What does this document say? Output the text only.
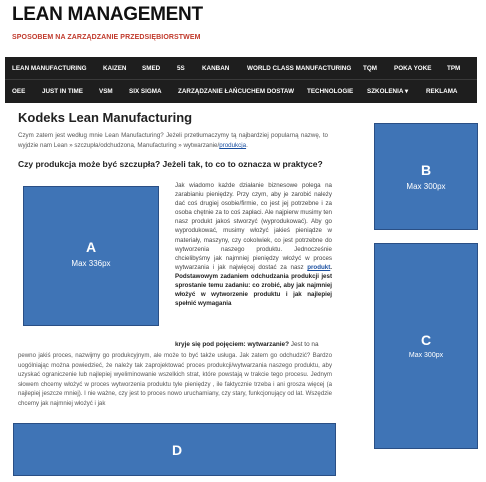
LEAN MANAGEMENT
SPOSOBEM NA ZARZĄDZANIE PRZEDSIĘBIORSTWEM
LEAN MANUFACTURING	KAIZEN SMED	5S	KANBAN	WORLD CLASS MANUFACTURING TQM	POKA YOKE TPM
OEE	JUST IN TIME	VSM	SIX SIGMA	ZARZĄDZANIE ŁAŃCUCHEM DOSTAW TECHNOLOGIE SZKOLENIA ▾	REKLAMA
Kodeks Lean Manufacturing

Czym zatem jest według mnie Lean Manufacturing? Jeżeli przetłumaczymy tą najbardziej popularną nazwę, to wyjdzie nam Lean » szczupła/odchudzona, Manufacturing » wytwarzanie/produkcja.

Czy produkcja może być szczupła? Jeżeli tak, to co to oznacza w praktyce?
A
Max 336px
Jak wiadomo każde działanie biznesowe polega na zarabianiu pieniędzy. Przy czym, aby je zarobić należy dać coś drugiej osobie/firmie, co jest jej potrzebne i za osoba chętnie za to coś zapłaci. Ale najpierw musimy ten nasz produkt jakoś stworzyć (wyprodukować). Aby go wyprodukować, musimy włożyć jakieś pieniądze w materiały, maszyny, czy cokolwiek, co jest potrzebne do wytworzenia naszego produktu. Jednocześnie chcielibyśmy jak najmniej pieniędzy włożyć w proces wytwarzania i jak najwięcej dostać za nasz produkt. Podstawowym zadaniem odchudzania produkcji jest sprostanie temu zadaniu: co zrobić, aby jak najmniej włożyć w wytworzenie produktu i jak najlepiej spełnić wymagania
kryje się pod pojęciem: wytwarzanie? Jest to na

pewno jakiś proces, nazwijmy go produkcyjnym, ale może to być także usługa. Jak zatem go odchudzić? Bardzo uogólniając można powiedzieć, że należy tak zaprojektować proces produkcji/wytwarzania naszego produktu, aby uzyskać ograniczenie lub najlepiej wyeliminowanie wszelkich strat, które powstają w trakcie tego procesu. Jednym słowem chcemy włożyć w proces wytworzenia produktu tyle pieniędzy , ile faktycznie trzeba i ani grosza więcej (a najlepiej jeszcze mniej). I nie ważne, czy jest to proces nowo uruchamiany, czy stary, funkcjonujący od lat. Wszędzie chcemy jak najmniej włożyć i jak

B
Max 300px
C
Max 300px
D
